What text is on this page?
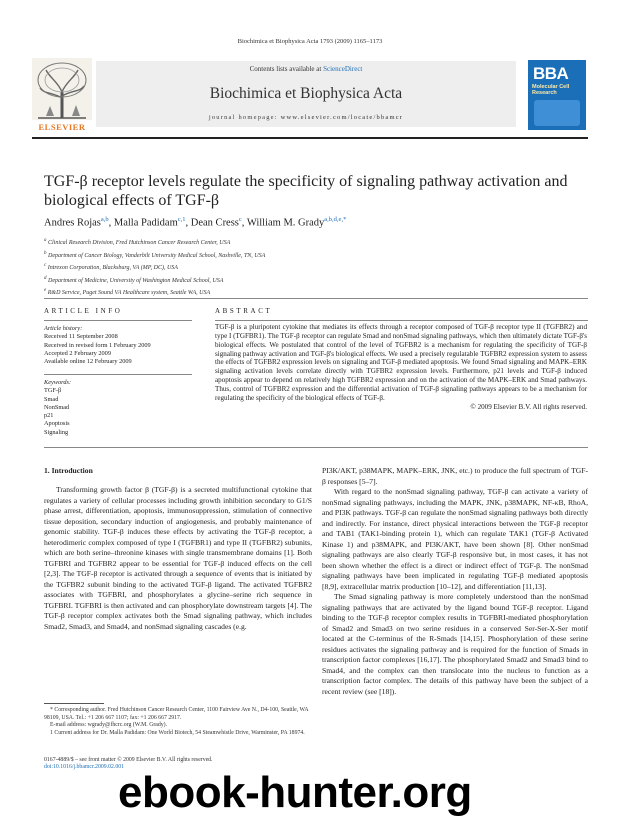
Biochimica et Biophysica Acta 1793 (2009) 1165–1173
ELSEVIER
Contents lists available at ScienceDirect
Biochimica et Biophysica Acta
journal homepage: www.elsevier.com/locate/bbamcr
BBA
Molecular Cell
Research
TGF-β receptor levels regulate the specificity of signaling pathway activation and biological effects of TGF-β
Andres Rojas$^{a,b}$, Malla Padidam$^{c,1}$, Dean Cress$^c$, William M. Grady$^{a,b,d,e,*}$
$^a$ Clinical Research Division, Fred Hutchinson Cancer Research Center, USA
$^b$ Department of Cancer Biology, Vanderbilt University Medical School, Nashville, TN, USA
$^c$ Intrexon Corporation, Blacksburg, VA (MP, DC), USA
$^d$ Department of Medicine, University of Washington Medical School, USA
$^e$ R&D Service, Puget Sound VA Healthcare system, Seattle WA, USA
ARTICLE INFO
Article history:
Received 11 September 2008
Received in revised form 1 February 2009
Accepted 2 February 2009
Available online 12 February 2009
Keywords:
TGF-β
Smad
NonSmad
p21
Apoptosis
Signaling
ABSTRACT
TGF-β is a pluripotent cytokine that mediates its effects through a receptor composed of TGF-β receptor type II (TGFBR2) and type I (TGFBR1). The TGF-β receptor can regulate Smad and nonSmad signaling pathways, which then ultimately dictate TGF-β's biological effects. We postulated that control of the level of TGFBR2 is a mechanism for regulating the specificity of TGF-β signaling pathway activation and TGF-β's biological effects. We used a precisely regulatable TGFBR2 expression system to assess the effects of TGFBR2 expression levels on signaling and TGF-β mediated apoptosis. We found Smad signaling and MAPK–ERK signaling activation levels correlate directly with TGFBR2 expression levels. Furthermore, p21 levels and TGF-β induced apoptosis appear to depend on relatively high TGFBR2 expression and on the activation of the MAPK–ERK and Smad pathways. Thus, control of TGFBR2 expression and the differential activation of TGF-β signaling pathways appears to be a mechanism for regulating the specificity of the biological effects of TGF-β.
© 2009 Elsevier B.V. All rights reserved.
1. Introduction

Transforming growth factor β (TGF-β) is a secreted multifunctional cytokine that regulates a variety of cellular processes including growth inhibition secondary to G1/S phase arrest, differentiation, apoptosis, immunosuppression, stimulation of connective tissue deposition, secondary induction of angiogenesis, and probably maintenance of genomic stability. TGF-β induces these effects by activating the TGF-β receptor, a heterodimeric complex composed of type I (TGFBR1) and type II (TGFBR2) subunits, which are both serine–threonine kinases with single transmembrane domains [1]. Both TGFBRI and TGFBR2 appear to be essential for TGF-β induced effects on the cell [2,3]. The TGF-β receptor is activated through a sequence of events that is initiated by the TGFBR2 subunit binding to the activated TGF-β ligand. The activated TGFBR2 associates with TGFBRI, and phosphorylates a glycine–serine rich sequence in TGFBRI. TGFBRI is then activated and can phosphorylate downstream targets [4]. The TGF-β receptor complex activates both the Smad signaling pathway, which includes Smad2, Smad3, and Smad4, and nonSmad signaling cascades (e.g.

PI3K/AKT, p38MAPK, MAPK–ERK, JNK, etc.) to produce the full spectrum of TGF-β responses [5–7].

With regard to the nonSmad signaling pathway, TGF-β can activate a variety of nonSmad signaling pathways, including the MAPK, JNK, p38MAPK, NF-κB, RhoA, and PI3K pathways. TGF-β can regulate the nonSmad signaling pathways both directly and indirectly. For instance, direct physical interactions between the TGF-β receptor and TAB1 (TAK1-binding protein 1), which can regulate TAK1 (TGF-β Activated Kinase 1) and p38MAPK, and PI3K/AKT, have been shown [8]. Other nonSmad signaling pathways are also clearly TGF-β responsive but, in most cases, it has not been shown whether the effect is a direct or indirect effect of TGF-β. The nonSmad signaling pathways have been implicated in regulating TGF-β mediated apoptosis [8,9], extracellular matrix production [10–12], and differentiation [11,13].

The Smad signaling pathway is more completely understood than the nonSmad signaling pathways that are activated by the ligand bound TGF-β receptor. Ligand binding to the TGF-β receptor complex results in TGFBRI-mediated phosphorylation of Smad2 and Smad3 on two serine residues in a conserved Ser-Ser-X-Ser motif located at the C-terminus of the R-Smads [14,15]. Phosphorylation of these serine residues activates the signaling pathway and is required for the function of Smads in transcription factor complexes [16,17]. The phosphorylated Smad2 and Smad3 bind to Smad4, and the complex can then translocate into the nucleus to function as a transcription factor complex. The details of this pathway have been the subject of a recent review (see [18]).

* Corresponding author. Fred Hutchinson Cancer Research Center, 1100 Fairview Ave N., D4-100, Seattle, WA 98109, USA. Tel.: +1 206 667 1107; fax: +1 206 667 2917.

E-mail address: wgrady@fhcrc.org (W.M. Grady).

1 Current address for Dr. Malla Padidam: One World Biotech, 54 Steamwhistle Drive, Warminster, PA 18974.

0167-4889/$ – see front matter © 2009 Elsevier B.V. All rights reserved.
doi:10.1016/j.bbamcr.2009.02.001
ebook-hunter.org
